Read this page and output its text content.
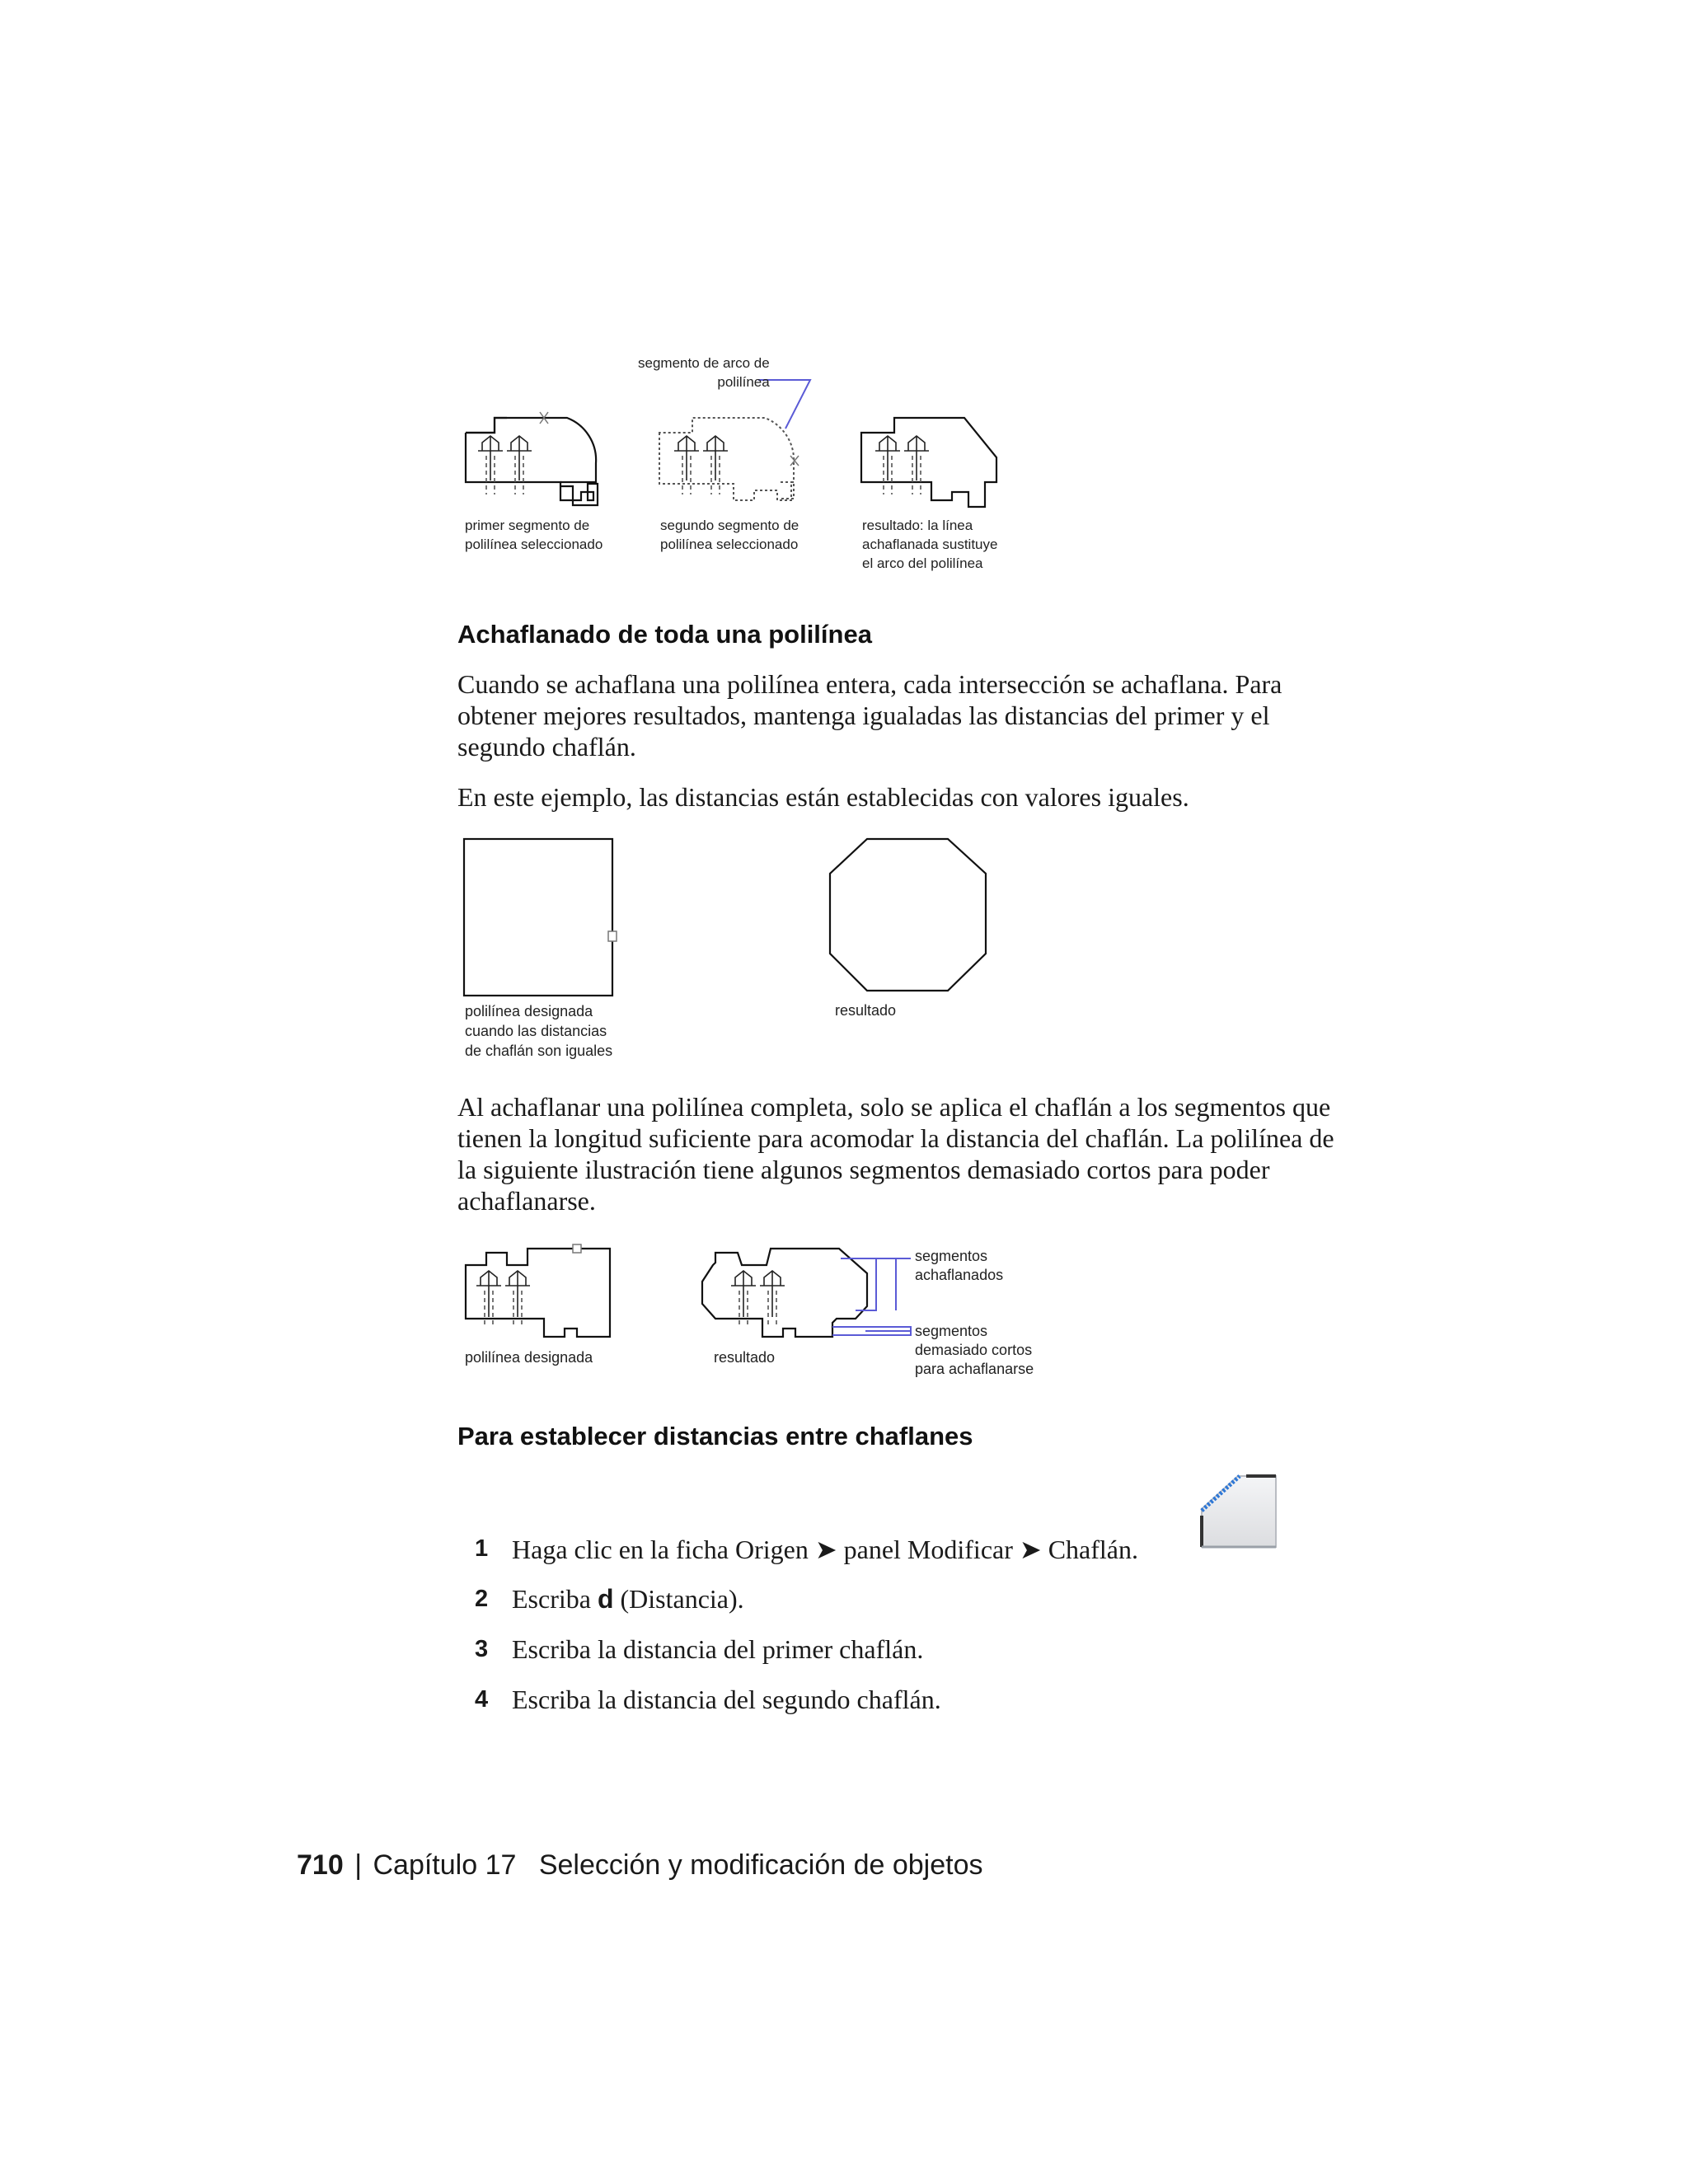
segmento de arco de
polilínea

primer segmento de
polilínea seleccionado

segundo segmento de
polilínea seleccionado

resultado: la línea
achaflanada sustituye
el arco del polilínea

Achaflanado de toda una polilínea

Cuando se achaflana una polilínea entera, cada intersección se achaflana. Para obtener mejores resultados, mantenga igualadas las distancias del primer y el segundo chaflán.

En este ejemplo, las distancias están establecidas con valores iguales.

polilínea designada
cuando las distancias
de chaflán son iguales

resultado

Al achaflanar una polilínea completa, solo se aplica el chaflán a los segmentos que tienen la longitud suficiente para acomodar la distancia del chaflán. La polilínea de la siguiente ilustración tiene algunos segmentos demasiado cortos para poder achaflanarse.

polilínea designada	resultado

segmentos
achaflanados

segmentos
demasiado cortos
para achaflanarse

Para establecer distancias entre chaflanes
1 Haga clic en la ficha Origen ➤ panel Modificar ➤ Chaflán.
2 Escriba d (Distancia).
3 Escriba la distancia del primer chaflán.
4 Escriba la distancia del segundo chaflán.
710 | Capítulo 17 Selección y modificación de objetos
